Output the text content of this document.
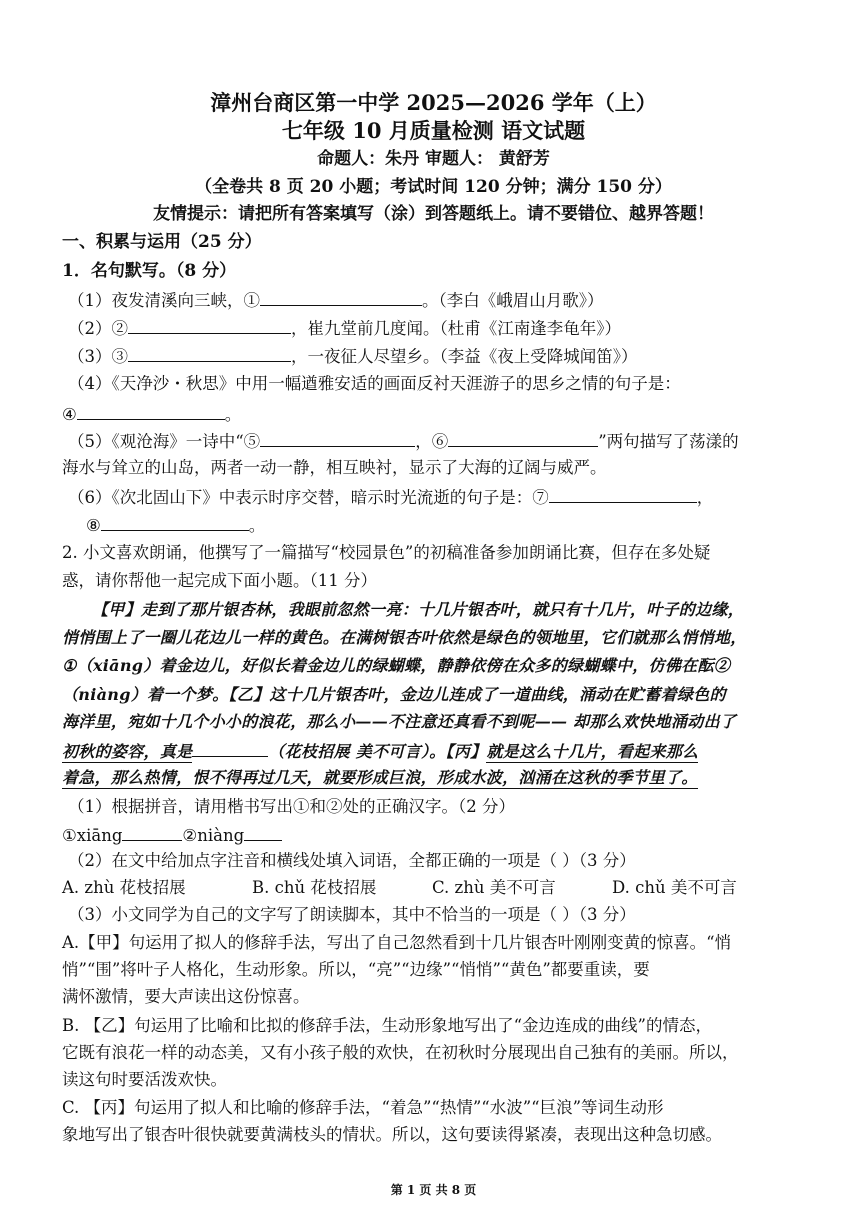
漳州台商区第一中学 2025—2026 学年（上）
七年级 10 月质量检测 语文试题
命题人：朱丹 审题人： 黄舒芳
（全卷共 8 页 20 小题；考试时间 120 分钟；满分 150 分）
友情提示：请把所有答案填写（涂）到答题纸上。请不要错位、越界答题！
一、积累与运用（25 分）
1．名句默写。（8 分）
（1）夜发清溪向三峡，①	。（李白《峨眉山月歌》）
（2）②	，崔九堂前几度闻。（杜甫《江南逢李龟年》）
（3）③	，一夜征人尽望乡。（李益《夜上受降城闻笛》）
（4）《天净沙・秋思》中用一幅遒雅安适的画面反衬天涯游子的思乡之情的句子是：
④	。
（5）《观沧海》一诗中“⑤	，⑥	”两句描写了荡漾的
海水与耸立的山岛，两者一动一静，相互映衬，显示了大海的辽阔与威严。
（6）《次北固山下》中表示时序交替，暗示时光流逝的句子是：⑦	，
⑧	。
2. 小文喜欢朗诵，他撰写了一篇描写“校园景色”的初稿准备参加朗诵比赛，但存在多处疑
惑，请你帮他一起完成下面小题。（11 分）
【甲】走到了那片银杏林，我眼前忽然一亮：十几片银杏叶，就只有十几片，叶子的边缘，
悄悄围上了一圈儿花边儿一样的黄色。在满树银杏叶依然是绿色的领地里，它们就那么悄悄地，
①（xiāng）着金边儿，好似长着金边儿的绿蝴蝶，静静依傍在众多的绿蝴蝶中，仿佛在酝②
（niàng）着一个梦。【乙】这十几片银杏叶，金边儿连成了一道曲线，涌动在贮蓄着绿色的
海洋里，宛如十几个小小的浪花，那么小——不注意还真看不到呢—— 却那么欢快地涌动出了
初秋的姿容，真是	（花枝招展 美不可言）。【丙】就是这么十几片，看起来那么
着急，那么热情，恨不得再过几天，就要形成巨浪，形成水波，汹涌在这秋的季节里了。
（1）根据拼音，请用楷书写出①和②处的正确汉字。（2 分）
①xiāng	②niàng
（2）在文中给加点字注音和横线处填入词语，全都正确的一项是（ ）（3 分）
A. zhù 花枝招展	B. chǔ 花枝招展	C. zhù 美不可言	D. chǔ 美不可言
（3）小文同学为自己的文字写了朗读脚本，其中不恰当的一项是（ ）（3 分）
A.【甲】句运用了拟人的修辞手法，写出了自己忽然看到十几片银杏叶刚刚变黄的惊喜。“悄
悄”“围”将叶子人格化，生动形象。所以，“亮”“边缘”“悄悄”“黄色”都要重读，要
满怀激情，要大声读出这份惊喜。
B. 【乙】句运用了比喻和比拟的修辞手法，生动形象地写出了“金边连成的曲线”的情态，
它既有浪花一样的动态美，又有小孩子般的欢快，在初秋时分展现出自己独有的美丽。所以，
读这句时要活泼欢快。
C. 【丙】句运用了拟人和比喻的修辞手法，“着急”“热情”“水波”“巨浪”等词生动形
象地写出了银杏叶很快就要黄满枝头的情状。所以，这句要读得紧凑，表现出这种急切感。
第 1 页 共 8 页
